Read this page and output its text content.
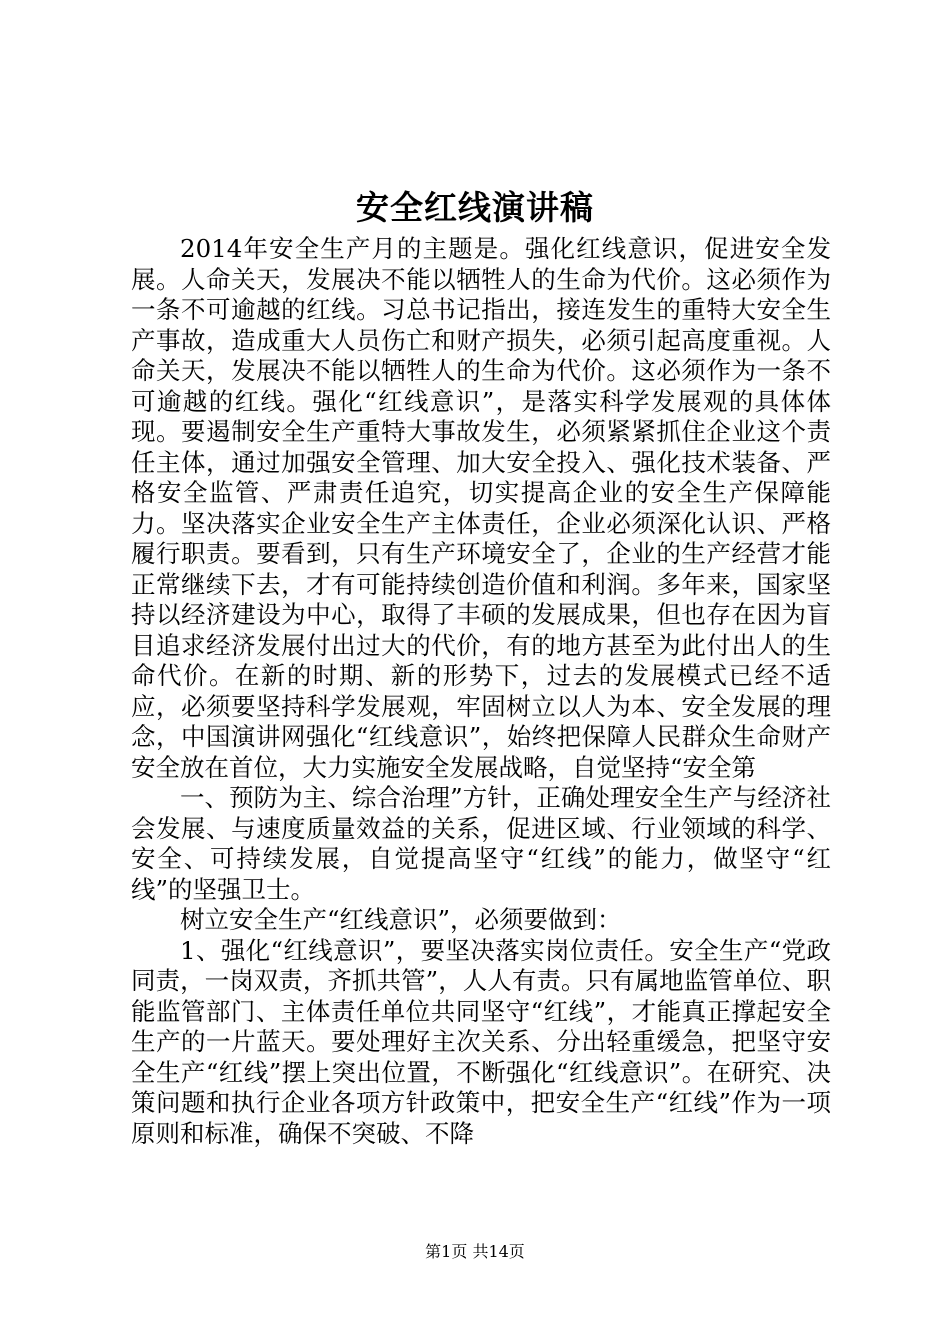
安全红线演讲稿

2014年安全生产月的主题是。强化红线意识，促进安全发展。人命关天，发展决不能以牺牲人的生命为代价。这必须作为一条不可逾越的红线。习总书记指出，接连发生的重特大安全生产事故，造成重大人员伤亡和财产损失，必须引起高度重视。人命关天，发展决不能以牺牲人的生命为代价。这必须作为一条不可逾越的红线。强化“红线意识”，是落实科学发展观的具体体现。要遏制安全生产重特大事故发生，必须紧紧抓住企业这个责任主体，通过加强安全管理、加大安全投入、强化技术装备、严格安全监管、严肃责任追究，切实提高企业的安全生产保障能力。坚决落实企业安全生产主体责任，企业必须深化认识、严格履行职责。要看到，只有生产环境安全了，企业的生产经营才能正常继续下去，才有可能持续创造价值和利润。多年来，国家坚持以经济建设为中心，取得了丰硕的发展成果，但也存在因为盲目追求经济发展付出过大的代价，有的地方甚至为此付出人的生命代价。在新的时期、新的形势下，过去的发展模式已经不适应，必须要坚持科学发展观，牢固树立以人为本、安全发展的理念，中国演讲网强化“红线意识”，始终把保障人民群众生命财产安全放在首位，大力实施安全发展战略，自觉坚持“安全第

一、预防为主、综合治理”方针，正确处理安全生产与经济社会发展、与速度质量效益的关系，促进区域、行业领域的科学、安全、可持续发展，自觉提高坚守“红线”的能力，做坚守“红线”的坚强卫士。

树立安全生产“红线意识”，必须要做到：

1、强化“红线意识”，要坚决落实岗位责任。安全生产“党政同责，一岗双责，齐抓共管”，人人有责。只有属地监管单位、职能监管部门、主体责任单位共同坚守“红线”，才能真正撑起安全生产的一片蓝天。要处理好主次关系、分出轻重缓急，把坚守安全生产“红线”摆上突出位置，不断强化“红线意识”。在研究、决策问题和执行企业各项方针政策中，把安全生产“红线”作为一项原则和标准，确保不突破、不降

第1页 共14页
